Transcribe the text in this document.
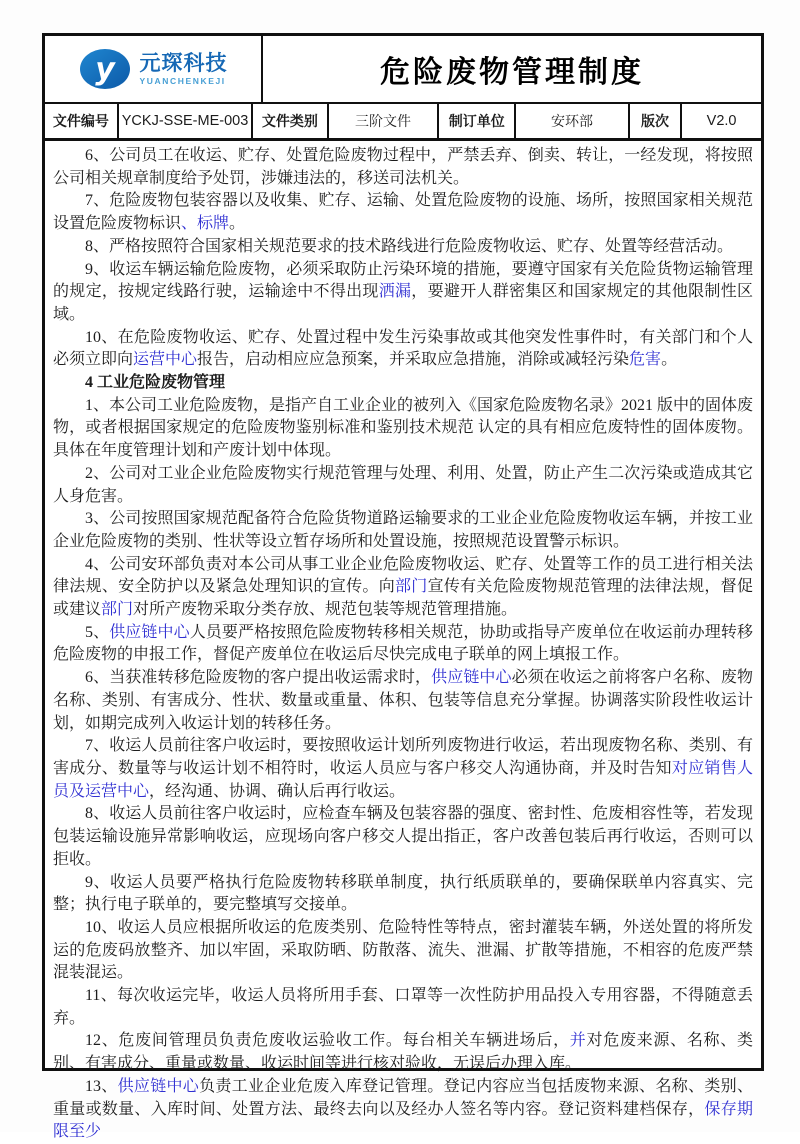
y 元琛科技
YUANCHENKEJI	危险废物管理制度
文件编号 YCKJ-SSE-ME-003 文件类别	三阶文件	制订单位	安环部	版次	V2.0

6、公司员工在收运、贮存、处置危险废物过程中，严禁丢弃、倒卖、转让，一经发现，将按照公司相关规章制度给予处罚，涉嫌违法的，移送司法机关。

7、危险废物包装容器以及收集、贮存、运输、处置危险废物的设施、场所，按照国家相关规范设置危险废物标识、标牌。

8、严格按照符合国家相关规范要求的技术路线进行危险废物收运、贮存、处置等经营活动。

9、收运车辆运输危险废物，必须采取防止污染环境的措施，要遵守国家有关危险货物运输管理的规定，按规定线路行驶，运输途中不得出现洒漏，要避开人群密集区和国家规定的其他限制性区域。

10、在危险废物收运、贮存、处置过程中发生污染事故或其他突发性事件时，有关部门和个人必须立即向运营中心报告，启动相应应急预案，并采取应急措施，消除或减轻污染危害。

4 工业危险废物管理

1、本公司工业危险废物，是指产自工业企业的被列入《国家危险废物名录》2021 版中的固体废物，或者根据国家规定的危险废物鉴别标准和鉴别技术规范 认定的具有相应危废特性的固体废物。具体在年度管理计划和产废计划中体现。

2、公司对工业企业危险废物实行规范管理与处理、利用、处置，防止产生二次污染或造成其它人身危害。

3、公司按照国家规范配备符合危险货物道路运输要求的工业企业危险废物收运车辆，并按工业企业危险废物的类别、性状等设立暂存场所和处置设施，按照规范设置警示标识。

4、公司安环部负责对本公司从事工业企业危险废物收运、贮存、处置等工作的员工进行相关法律法规、安全防护以及紧急处理知识的宣传。向部门宣传有关危险废物规范管理的法律法规，督促或建议部门对所产废物采取分类存放、规范包装等规范管理措施。

5、供应链中心人员要严格按照危险废物转移相关规范，协助或指导产废单位在收运前办理转移危险废物的申报工作，督促产废单位在收运后尽快完成电子联单的网上填报工作。

6、当获准转移危险废物的客户提出收运需求时，供应链中心必须在收运之前将客户名称、废物名称、类别、有害成分、性状、数量或重量、体积、包装等信息充分掌握。协调落实阶段性收运计划，如期完成列入收运计划的转移任务。

7、收运人员前往客户收运时，要按照收运计划所列废物进行收运，若出现废物名称、类别、有害成分、数量等与收运计划不相符时，收运人员应与客户移交人沟通协商，并及时告知对应销售人员及运营中心，经沟通、协调、确认后再行收运。

8、收运人员前往客户收运时，应检查车辆及包装容器的强度、密封性、危废相容性等，若发现包装运输设施异常影响收运，应现场向客户移交人提出指正，客户改善包装后再行收运，否则可以拒收。

9、收运人员要严格执行危险废物转移联单制度，执行纸质联单的，要确保联单内容真实、完整；执行电子联单的，要完整填写交接单。

10、收运人员应根据所收运的危废类别、危险特性等特点，密封灌装车辆，外送处置的将所发运的危废码放整齐、加以牢固，采取防晒、防散落、流失、泄漏、扩散等措施，不相容的危废严禁混装混运。

11、每次收运完毕，收运人员将所用手套、口罩等一次性防护用品投入专用容器，不得随意丢弃。

12、危废间管理员负责危废收运验收工作。每台相关车辆进场后，并对危废来源、名称、类别、有害成分、重量或数量、收运时间等进行核对验收，无误后办理入库。

13、供应链中心负责工业企业危废入库登记管理。登记内容应当包括废物来源、名称、类别、重量或数量、入库时间、处置方法、最终去向以及经办人签名等内容。登记资料建档保存，保存期限至少
